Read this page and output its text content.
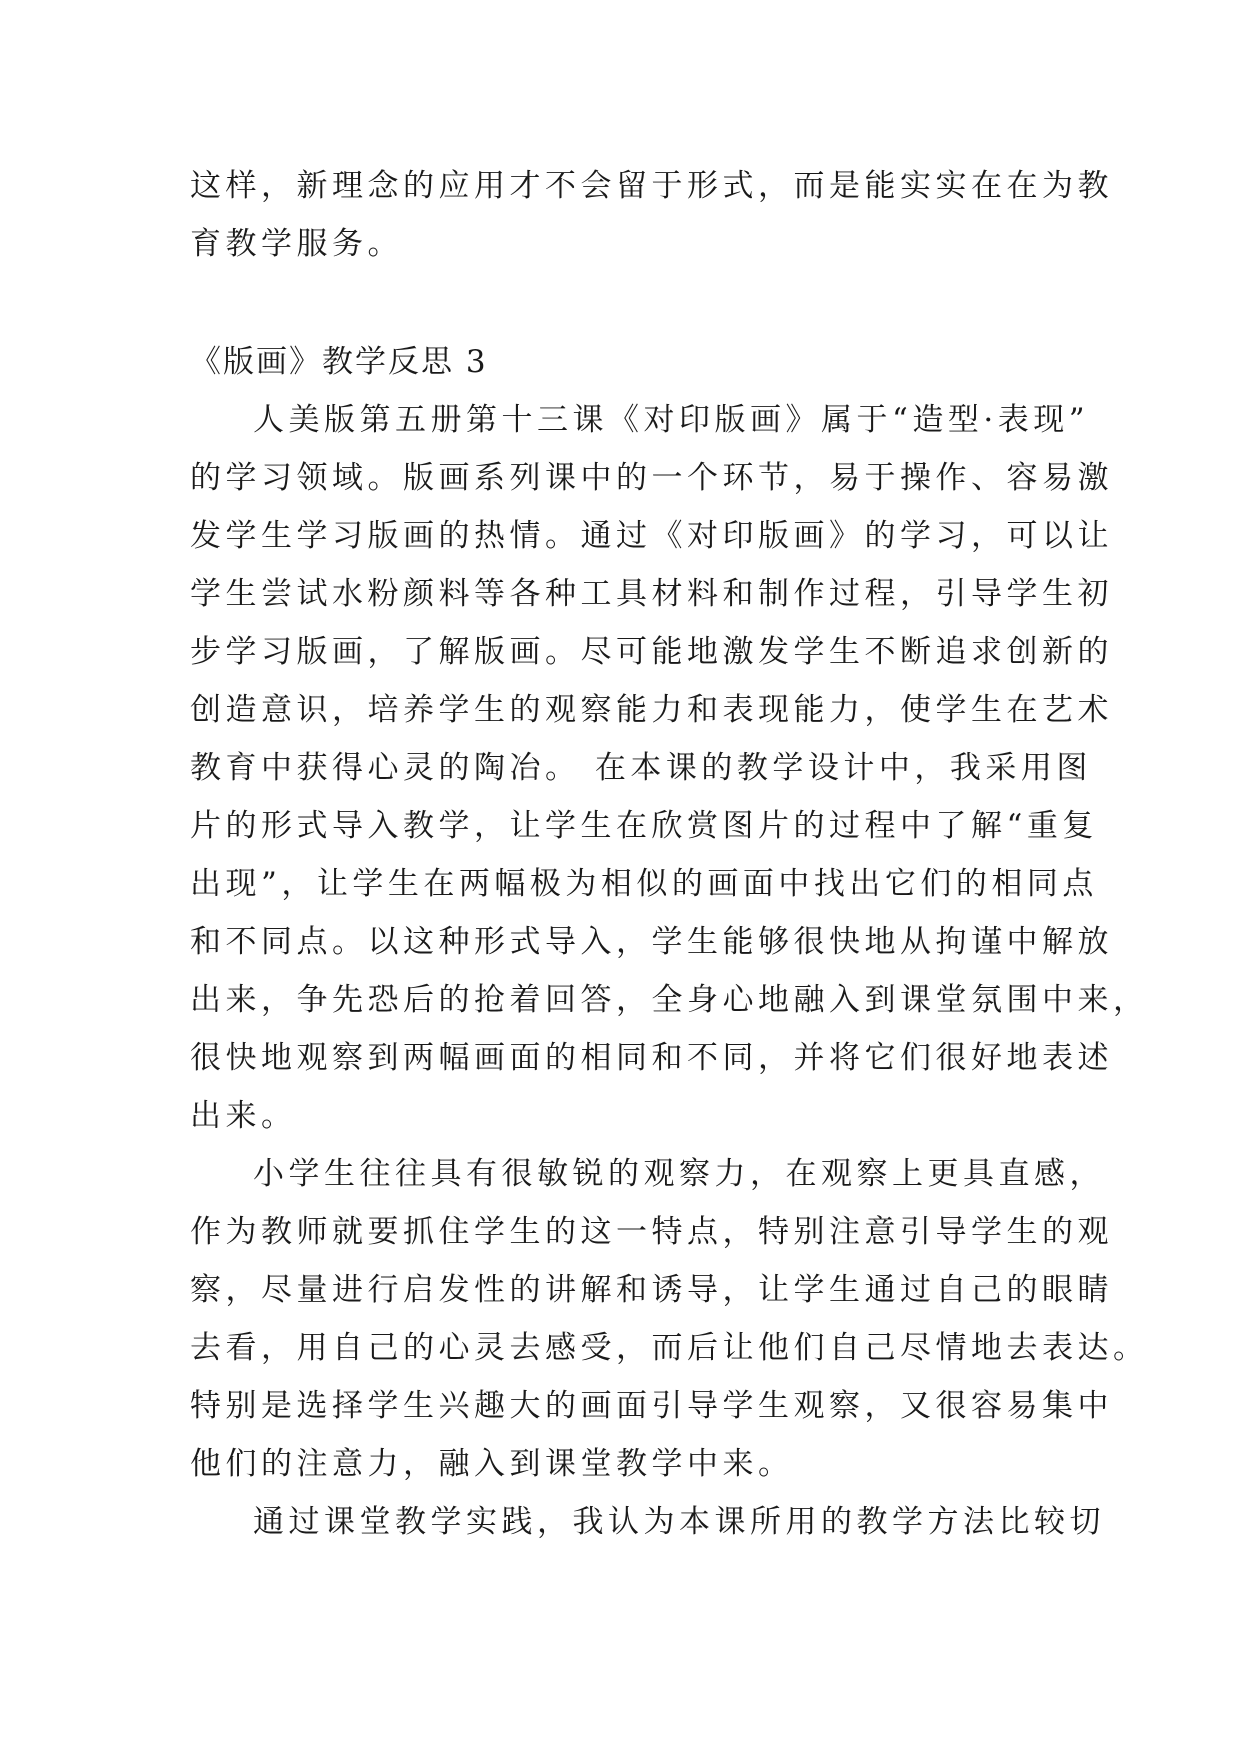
这样，新理念的应用才不会留于形式，而是能实实在在为教
育教学服务。
《版画》教学反思 3
人美版第五册第十三课《对印版画》属于“造型·表现”
的学习领域。版画系列课中的一个环节，易于操作、容易激
发学生学习版画的热情。通过《对印版画》的学习，可以让
学生尝试水粉颜料等各种工具材料和制作过程，引导学生初
步学习版画，了解版画。尽可能地激发学生不断追求创新的
创造意识，培养学生的观察能力和表现能力，使学生在艺术
教育中获得心灵的陶冶。 在本课的教学设计中，我采用图
片的形式导入教学，让学生在欣赏图片的过程中了解“重复
出现”，让学生在两幅极为相似的画面中找出它们的相同点
和不同点。以这种形式导入，学生能够很快地从拘谨中解放
出来，争先恐后的抢着回答，全身心地融入到课堂氛围中来，
很快地观察到两幅画面的相同和不同，并将它们很好地表述
出来。
小学生往往具有很敏锐的观察力，在观察上更具直感，
作为教师就要抓住学生的这一特点，特别注意引导学生的观
察，尽量进行启发性的讲解和诱导，让学生通过自己的眼睛
去看，用自己的心灵去感受，而后让他们自己尽情地去表达。
特别是选择学生兴趣大的画面引导学生观察，又很容易集中
他们的注意力，融入到课堂教学中来。
通过课堂教学实践，我认为本课所用的教学方法比较切
